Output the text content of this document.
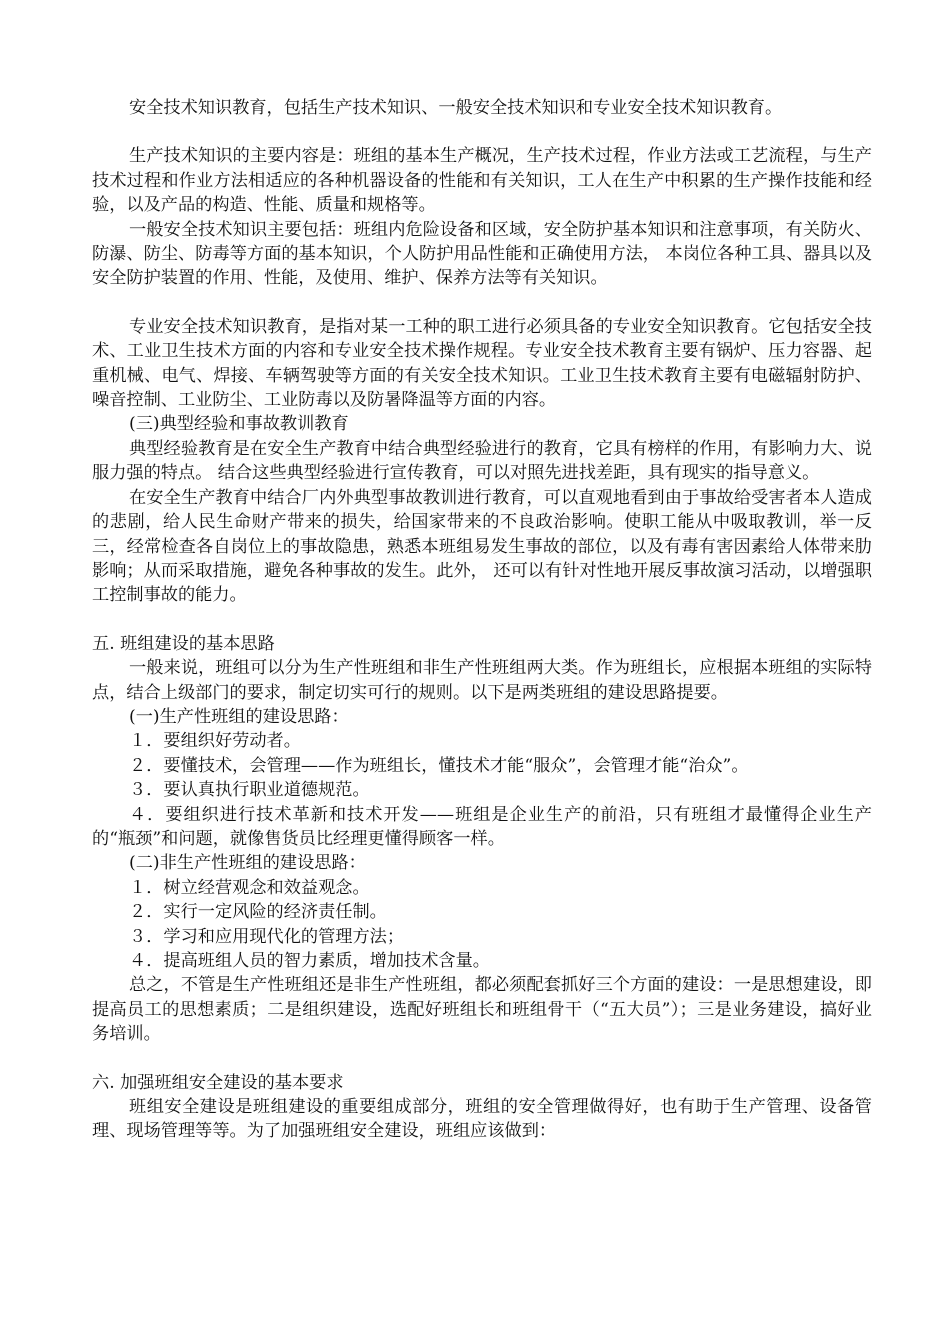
安全技术知识教育，包括生产技术知识、一般安全技术知识和专业安全技术知识教育。

生产技术知识的主要内容是：班组的基本生产概况，生产技术过程，作业方法或工艺流程，与生产技术过程和作业方法相适应的各种机器设备的性能和有关知识，工人在生产中积累的生产操作技能和经验，以及产品的构造、性能、质量和规格等。

一般安全技术知识主要包括：班组内危险设备和区域，安全防护基本知识和注意事项，有关防火、防瀑、防尘、防毒等方面的基本知识，个人防护用品性能和正确使用方法， 本岗位各种工具、器具以及安全防护装置的作用、性能，及使用、维护、保养方法等有关知识。

专业安全技术知识教育，是指对某一工种的职工进行必须具备的专业安全知识教育。它包括安全技术、工业卫生技术方面的内容和专业安全技术操作规程。专业安全技术教育主要有锅炉、压力容器、起重机械、电气、焊接、车辆驾驶等方面的有关安全技术知识。工业卫生技术教育主要有电磁辐射防护、噪音控制、工业防尘、工业防毒以及防暑降温等方面的内容。

(三)典型经验和事故教训教育

典型经验教育是在安全生产教育中结合典型经验进行的教育，它具有榜样的作用，有影响力大、说服力强的特点。 结合这些典型经验进行宣传教育，可以对照先进找差距，具有现实的指导意义。

在安全生产教育中结合厂内外典型事故教训进行教育，可以直观地看到由于事故给受害者本人造成的悲剧，给人民生命财产带来的损失，给国家带来的不良政治影响。使职工能从中吸取教训，举一反三，经常检查各自岗位上的事故隐患，熟悉本班组易发生事故的部位，以及有毒有害因素给人体带来肋影响；从而采取措施，避免各种事故的发生。此外， 还可以有针对性地开展反事故演习活动，以增强职工控制事故的能力。

五. 班组建设的基本思路

一般来说，班组可以分为生产性班组和非生产性班组两大类。作为班组长，应根据本班组的实际特点，结合上级部门的要求，制定切实可行的规则。以下是两类班组的建设思路提要。

(一)生产性班组的建设思路：

１．要组织好劳动者。

２．要懂技术，会管理——作为班组长，懂技术才能“服众”，会管理才能“治众”。

３．要认真执行职业道德规范。

４．要组织进行技术革新和技术开发——班组是企业生产的前沿，只有班组才最懂得企业生产的“瓶颈”和问题，就像售货员比经理更懂得顾客一样。

(二)非生产性班组的建设思路：

１．树立经营观念和效益观念。

２．实行一定风险的经济责任制。

３．学习和应用现代化的管理方法；

４．提高班组人员的智力素质，增加技术含量。

总之，不管是生产性班组还是非生产性班组，都必须配套抓好三个方面的建设：一是思想建设，即提高员工的思想素质；二是组织建设，选配好班组长和班组骨干（“五大员”）；三是业务建设，搞好业务培训。

六. 加强班组安全建设的基本要求

班组安全建设是班组建设的重要组成部分，班组的安全管理做得好，也有助于生产管理、设备管理、现场管理等等。为了加强班组安全建设，班组应该做到：
